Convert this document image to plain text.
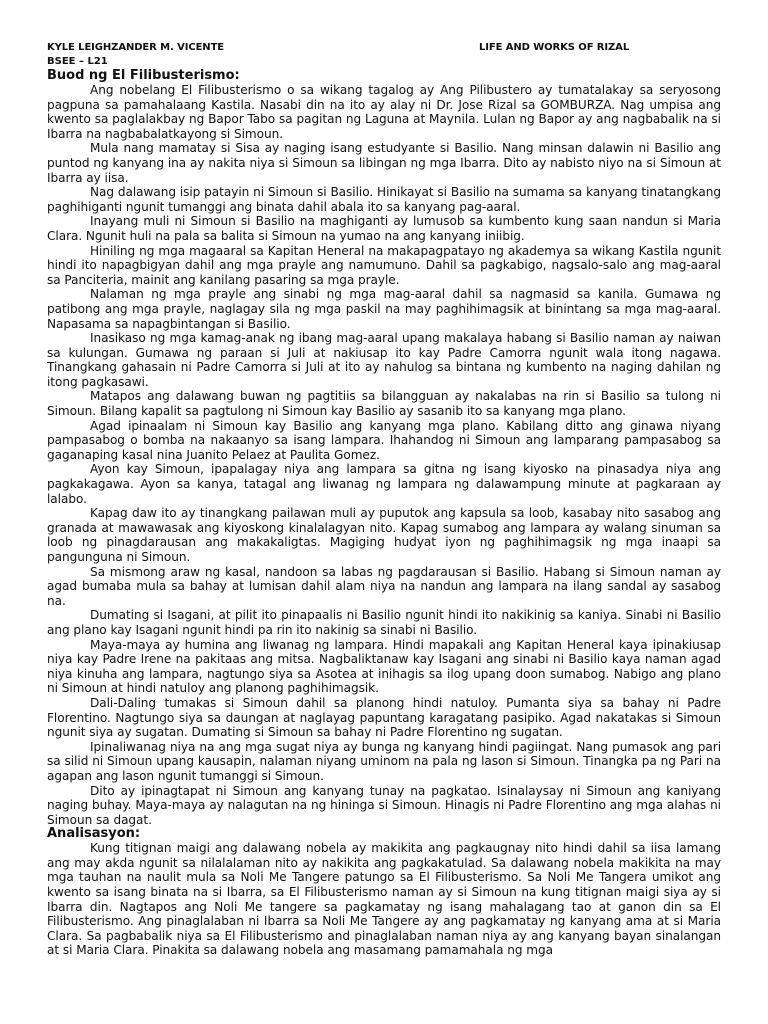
KYLE LEIGHZANDER M. VICENTE	LIFE AND WORKS OF RIZAL
BSEE – L21
Buod ng El Filibusterismo:

Ang nobelang El Filibusterismo o sa wikang tagalog ay Ang Pilibustero ay tumatalakay sa seryosong pagpuna sa pamahalaang Kastila. Nasabi din na ito ay alay ni Dr. Jose Rizal sa GOMBURZA. Nag umpisa ang kwento sa paglalakbay ng Bapor Tabo sa pagitan ng Laguna at Maynila. Lulan ng Bapor ay ang nagbabalik na si Ibarra na nagbabalatkayong si Simoun.

Mula nang mamatay si Sisa ay naging isang estudyante si Basilio. Nang minsan dalawin ni Basilio ang puntod ng kanyang ina ay nakita niya si Simoun sa libingan ng mga Ibarra. Dito ay nabisto niyo na si Simoun at Ibarra ay iisa.

Nag dalawang isip patayin ni Simoun si Basilio. Hinikayat si Basilio na sumama sa kanyang tinatangkang paghihiganti ngunit tumanggi ang binata dahil abala ito sa kanyang pag-aaral.

Inayang muli ni Simoun si Basilio na maghiganti ay lumusob sa kumbento kung saan nandun si Maria Clara. Ngunit huli na pala sa balita si Simoun na yumao na ang kanyang iniibig.

Hiniling ng mga magaaral sa Kapitan Heneral na makapagpatayo ng akademya sa wikang Kastila ngunit hindi ito napagbigyan dahil ang mga prayle ang namumuno. Dahil sa pagkabigo, nagsalo-salo ang mag-aaral sa Panciteria, mainit ang kanilang pasaring sa mga prayle.

Nalaman ng mga prayle ang sinabi ng mga mag-aaral dahil sa nagmasid sa kanila. Gumawa ng patibong ang mga prayle, naglagay sila ng mga paskil na may paghihimagsik at binintang sa mga mag-aaral. Napasama sa napagbintangan si Basilio.

Inasikaso ng mga kamag-anak ng ibang mag-aaral upang makalaya habang si Basilio naman ay naiwan sa kulungan. Gumawa ng paraan si Juli at nakiusap ito kay Padre Camorra ngunit wala itong nagawa. Tinangkang gahasain ni Padre Camorra si Juli at ito ay nahulog sa bintana ng kumbento na naging dahilan ng itong pagkasawi.

Matapos ang dalawang buwan ng pagtitiis sa bilangguan ay nakalabas na rin si Basilio sa tulong ni Simoun. Bilang kapalit sa pagtulong ni Simoun kay Basilio ay sasanib ito sa kanyang mga plano.

Agad ipinaalam ni Simoun kay Basilio ang kanyang mga plano. Kabilang ditto ang ginawa niyang pampasabog o bomba na nakaanyo sa isang lampara. Ihahandog ni Simoun ang lamparang pampasabog sa gaganaping kasal nina Juanito Pelaez at Paulita Gomez.

Ayon kay Simoun, ipapalagay niya ang lampara sa gitna ng isang kiyosko na pinasadya niya ang pagkakagawa. Ayon sa kanya, tatagal ang liwanag ng lampara ng dalawampung minute at pagkaraan ay lalabo.

Kapag daw ito ay tinangkang pailawan muli ay puputok ang kapsula sa loob, kasabay nito sasabog ang granada at mawawasak ang kiyoskong kinalalagyan nito. Kapag sumabog ang lampara ay walang sinuman sa loob ng pinagdarausan ang makakaligtas. Magiging hudyat iyon ng paghihimagsik ng mga inaapi sa pangunguna ni Simoun.

Sa mismong araw ng kasal, nandoon sa labas ng pagdarausan si Basilio. Habang si Simoun naman ay agad bumaba mula sa bahay at lumisan dahil alam niya na nandun ang lampara na ilang sandal ay sasabog na.

Dumating si Isagani, at pilit ito pinapaalis ni Basilio ngunit hindi ito nakikinig sa kaniya. Sinabi ni Basilio ang plano kay Isagani ngunit hindi pa rin ito nakinig sa sinabi ni Basilio.

Maya-maya ay humina ang liwanag ng lampara. Hindi mapakali ang Kapitan Heneral kaya ipinakiusap niya kay Padre Irene na pakitaas ang mitsa. Nagbaliktanaw kay Isagani ang sinabi ni Basilio kaya naman agad niya kinuha ang lampara, nagtungo siya sa Asotea at inihagis sa ilog upang doon sumabog. Nabigo ang plano ni Simoun at hindi natuloy ang planong paghihimagsik.

Dali-Daling tumakas si Simoun dahil sa planong hindi natuloy. Pumanta siya sa bahay ni Padre Florentino. Nagtungo siya sa daungan at naglayag papuntang karagatang pasipiko. Agad nakatakas si Simoun ngunit siya ay sugatan. Dumating si Simoun sa bahay ni Padre Florentino ng sugatan.

Ipinaliwanag niya na ang mga sugat niya ay bunga ng kanyang hindi pagiingat. Nang pumasok ang pari sa silid ni Simoun upang kausapin, nalaman niyang uminom na pala ng lason si Simoun. Tinangka pa ng Pari na agapan ang lason ngunit tumanggi si Simoun.

Dito ay ipinagtapat ni Simoun ang kanyang tunay na pagkatao. Isinalaysay ni Simoun ang kaniyang naging buhay. Maya-maya ay nalagutan na ng hininga si Simoun. Hinagis ni Padre Florentino ang mga alahas ni Simoun sa dagat.

Analisasyon:

Kung titignan maigi ang dalawang nobela ay makikita ang pagkaugnay nito hindi dahil sa iisa lamang ang may akda ngunit sa nilalalaman nito ay nakikita ang pagkakatulad. Sa dalawang nobela makikita na may mga tauhan na naulit mula sa Noli Me Tangere patungo sa El Filibusterismo. Sa Noli Me Tangera umikot ang kwento sa isang binata na si Ibarra, sa El Filibusterismo naman ay si Simoun na kung titignan maigi siya ay si Ibarra din. Nagtapos ang Noli Me tangere sa pagkamatay ng isang mahalagang tao at ganon din sa El Filibusterismo. Ang pinaglalaban ni Ibarra sa Noli Me Tangere ay ang pagkamatay ng kanyang ama at si Maria Clara. Sa pagbabalik niya sa El Filibusterismo and pinaglalaban naman niya ay ang kanyang bayan sinalangan at si Maria Clara. Pinakita sa dalawang nobela ang masamang pamamahala ng mga
